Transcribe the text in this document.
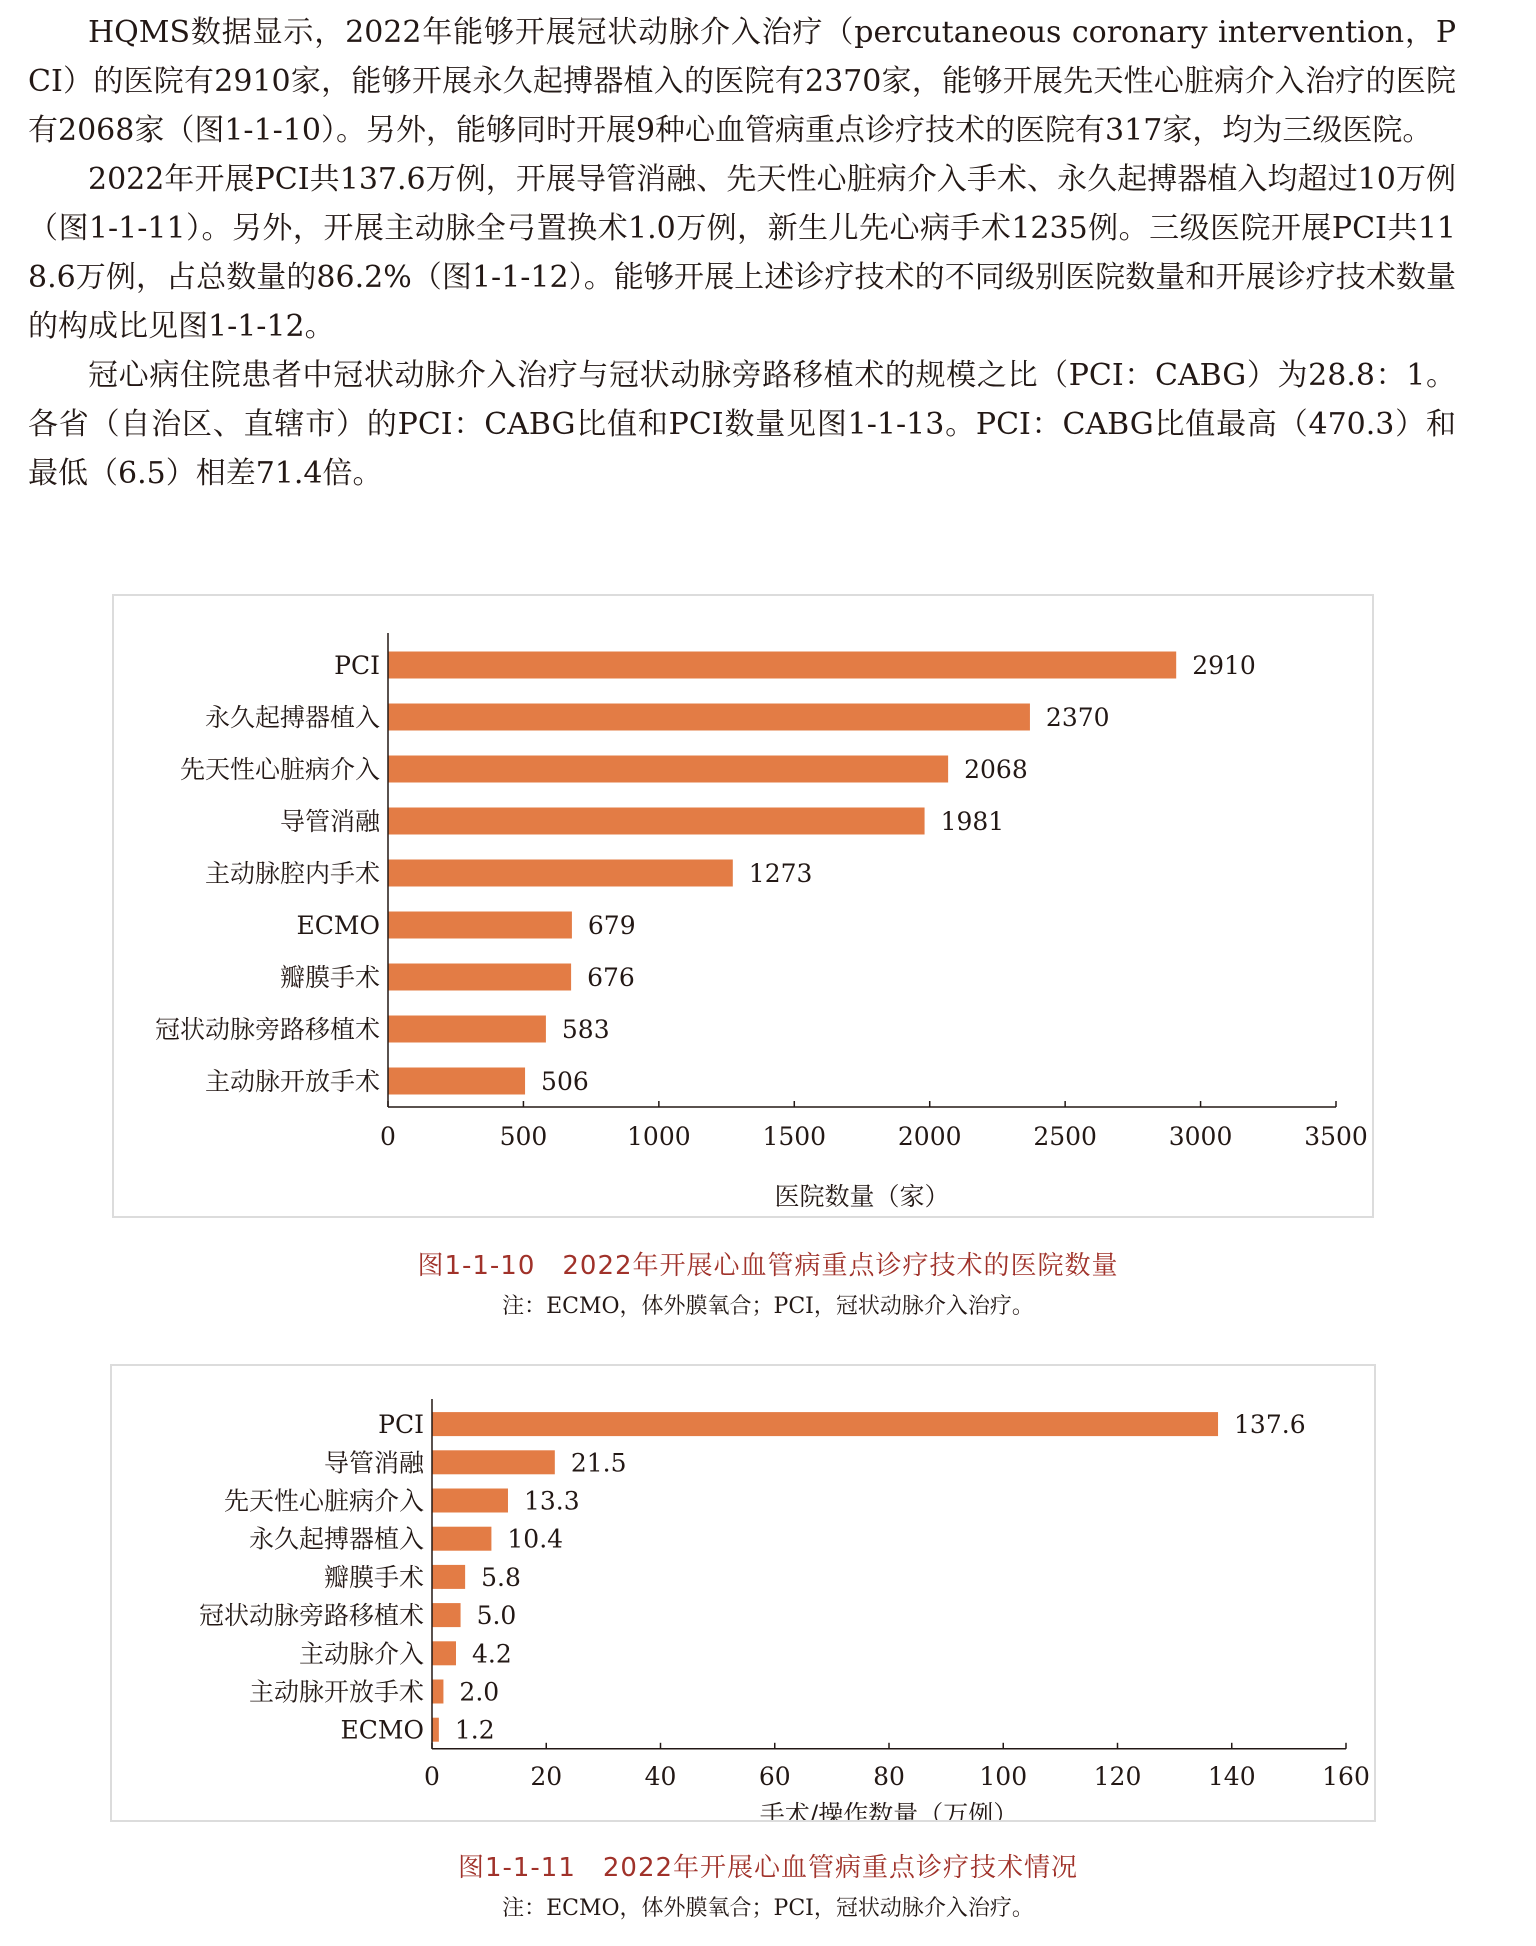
HQMS数据显示，2022年能够开展冠状动脉介入治疗（percutaneous coronary intervention，PCI）的医院有2910家，能够开展永久起搏器植入的医院有2370家，能够开展先天性心脏病介入治疗的医院有2068家（图1-1-10）。另外，能够同时开展9种心血管病重点诊疗技术的医院有317家，均为三级医院。

2022年开展PCI共137.6万例，开展导管消融、先天性心脏病介入手术、永久起搏器植入均超过10万例（图1-1-11）。另外，开展主动脉全弓置换术1.0万例，新生儿先心病手术1235例。三级医院开展PCI共118.6万例，占总数量的86.2%（图1-1-12）。能够开展上述诊疗技术的不同级别医院数量和开展诊疗技术数量的构成比见图1-1-12。

冠心病住院患者中冠状动脉介入治疗与冠状动脉旁路移植术的规模之比（PCI：CABG）为28.8：1。各省（自治区、直辖市）的PCI：CABG比值和PCI数量见图1-1-13。PCI：CABG比值最高（470.3）和最低（6.5）相差71.4倍。

PCI	2910
永久起搏器植入	2370
先天性心脏病介入	2068
导管消融	1981
主动脉腔内手术	1273
ECMO	679
瓣膜手术	676
冠状动脉旁路移植术	583
主动脉开放手术	506
0	500	1000	1500	2000	2500	3000	3500
医院数量（家）
图1-1-10　2022年开展心血管病重点诊疗技术的医院数量
注：ECMO，体外膜氧合；PCI，冠状动脉介入治疗。
PCI	137.6
导管消融	21.5
先天性心脏病介入	13.3
永久起搏器植入	10.4
瓣膜手术 5.8
冠状动脉旁路移植术 5.0
主动脉介入 4.2
主动脉开放手术 2.0
ECMO 1.2
0	20	40	60	80	100	120	140	160
手术/操作数量（万例）
图1-1-11　2022年开展心血管病重点诊疗技术情况
注：ECMO，体外膜氧合；PCI，冠状动脉介入治疗。
